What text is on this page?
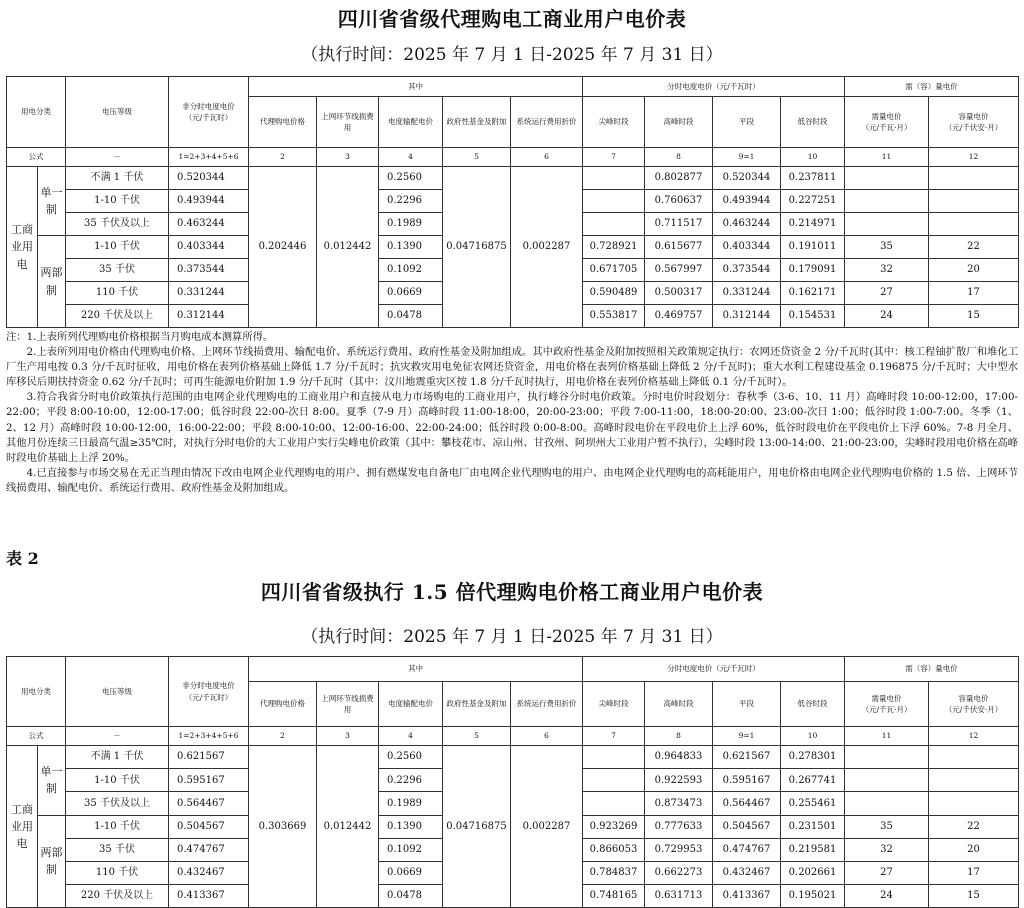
四川省省级代理购电工商业用户电价表
（执行时间：2025 年 7 月 1 日-2025 年 7 月 31 日）
用电分类		电压等级	非分时电度电价
（元/千瓦时）	其中					分时电度电价（元/千瓦时）				需（容）量电价	
				代理购电价格	上网环节线损费用	电度输配电价	政府性基金及附加	系统运行费用折价	尖峰时段	高峰时段	平段	低谷时段	需量电价
（元/千瓦·月）	容量电价
（元/千伏安·月）

公式		－	1=2+3+4+5+6	2	3	4	5	6	7	8	9=1	10	11	12
工商业用电	单一制	不满 1 千伏	0.520344	0.202446	0.012442	0.2560	0.04716875	0.002287		0.802877	0.520344	0.237811		
		1-10 千伏	0.493944			0.2296				0.760637	0.493944	0.227251		
		35 千伏及以上	0.463244			0.1989				0.711517	0.463244	0.214971		
	两部制	1-10 千伏	0.403344			0.1390			0.728921	0.615677	0.403344	0.191011	35	22
		35 千伏	0.373544			0.1092			0.671705	0.567997	0.373544	0.179091	32	20
		110 千伏	0.331244			0.0669			0.590489	0.500317	0.331244	0.162171	27	17
		220 千伏及以上	0.312144			0.0478			0.553817	0.469757	0.312144	0.154531	24	15

注：1.上表所列代理购电价格根据当月购电成本测算所得。

2.上表所列用电价格由代理购电价格、上网环节线损费用、输配电价、系统运行费用、政府性基金及附加组成。其中政府性基金及附加按照相关政策规定执行：农网还贷资金 2 分/千瓦时(其中：核工程铀扩散厂和堆化工厂生产用电按 0.3 分/千瓦时征收，用电价格在表列价格基础上降低 1.7 分/千瓦时；抗灾救灾用电免征农网还贷资金，用电价格在表列价格基础上降低 2 分/千瓦时)；重大水利工程建设基金 0.196875 分/千瓦时；大中型水库移民后期扶持资金 0.62 分/千瓦时；可再生能源电价附加 1.9 分/千瓦时（其中：汶川地震重灾区按 1.8 分/千瓦时执行，用电价格在表列价格基础上降低 0.1 分/千瓦时）。

3.符合我省分时电价政策执行范围的由电网企业代理购电的工商业用户和直接从电力市场购电的工商业用户，执行峰谷分时电价政策。分时电价时段划分：春秋季（3-6、10、11 月）高峰时段 10:00-12:00，17:00-22:00；平段 8:00-10:00，12:00-17:00；低谷时段 22:00-次日 8:00。夏季（7-9 月）高峰时段 11:00-18:00，20:00-23:00；平段 7:00-11:00，18:00-20:00、23:00-次日 1:00；低谷时段 1:00-7:00。冬季（1、2、12 月）高峰时段 10:00-12:00，16:00-22:00；平段 8:00-10:00、12:00-16:00、22:00-24:00；低谷时段 0:00-8:00。高峰时段电价在平段电价上上浮 60%，低谷时段电价在平段电价上下浮 60%。7-8 月全月、其他月份连续三日最高气温≥35℃时，对执行分时电价的大工业用户实行尖峰电价政策（其中：攀枝花市、凉山州、甘孜州、阿坝州大工业用户暂不执行），尖峰时段 13:00-14:00、21:00-23:00，尖峰时段用电价格在高峰时段电价基础上上浮 20%。

4.已直接参与市场交易在无正当理由情况下改由电网企业代理购电的用户、拥有燃煤发电自备电厂由电网企业代理购电的用户、由电网企业代理购电的高耗能用户，用电价格由电网企业代理购电价格的 1.5 倍、上网环节线损费用、输配电价、系统运行费用、政府性基金及附加组成。

表 2
四川省省级执行 1.5 倍代理购电价格工商业用户电价表
（执行时间：2025 年 7 月 1 日-2025 年 7 月 31 日）
用电分类		电压等级	非分时电度电价
（元/千瓦时）	其中					分时电度电价（元/千瓦时）				需（容）量电价	
				代理购电价格	上网环节线损费用	电度输配电价	政府性基金及附加	系统运行费用折价	尖峰时段	高峰时段	平段	低谷时段	需量电价
（元/千瓦·月）	容量电价
（元/千伏安·月）

公式		－	1=2+3+4+5+6	2	3	4	5	6	7	8	9=1	10	11	12
工商业用电	单一制	不满 1 千伏	0.621567	0.303669	0.012442	0.2560	0.04716875	0.002287		0.964833	0.621567	0.278301		
		1-10 千伏	0.595167			0.2296				0.922593	0.595167	0.267741		
		35 千伏及以上	0.564467			0.1989				0.873473	0.564467	0.255461		
	两部制	1-10 千伏	0.504567			0.1390			0.923269	0.777633	0.504567	0.231501	35	22
		35 千伏	0.474767			0.1092			0.866053	0.729953	0.474767	0.219581	32	20
		110 千伏	0.432467			0.0669			0.784837	0.662273	0.432467	0.202661	27	17
		220 千伏及以上	0.413367			0.0478			0.748165	0.631713	0.413367	0.195021	24	15
